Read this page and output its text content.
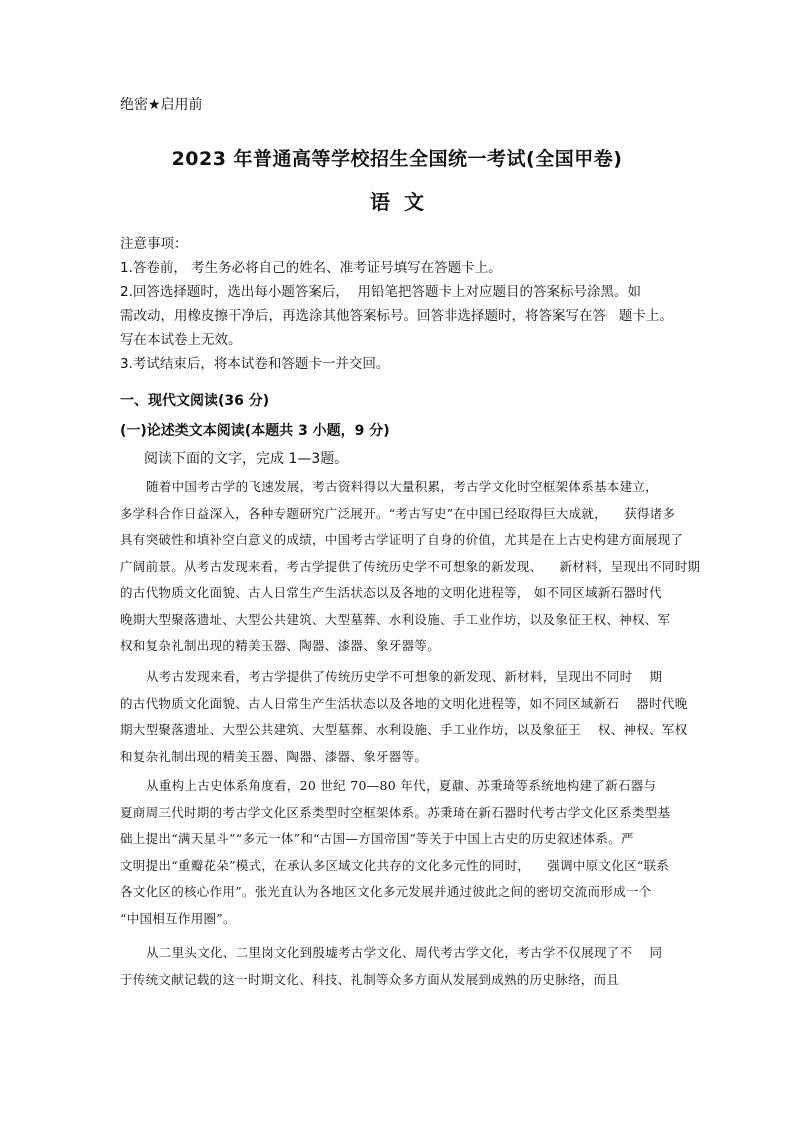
绝密★启用前
2023 年普通高等学校招生全国统一考试(全国甲卷)
语  文
注意事项：
1.答卷前， 考生务必将自己的姓名、准考证号填写在答题卡上。
2.回答选择题时，选出每小题答案后，  用铅笔把答题卡上对应题目的答案标号涂黑。如
需改动，用橡皮擦干净后，再选涂其他答案标号。回答非选择题时，将答案写在答   题卡上。
写在本试卷上无效。
3.考试结束后，将本试卷和答题卡一并交回。
一、现代文阅读(36 分)
(一)论述类文本阅读(本题共 3 小题，9 分)
阅读下面的文字，完成 1—3题。
随着中国考古学的飞速发展，考古资料得以大量积累，考古学文化时空框架体系基本建立，
多学科合作日益深入，各种专题研究广泛展开。“考古写史”在中国已经取得巨大成就，    获得诸多
具有突破性和填补空白意义的成绩，中国考古学证明了自身的价值，尤其是在上古史构建方面展现了
广阔前景。从考古发现来看，考古学提供了传统历史学不可想象的新发现、    新材料，呈现出不同时期
的古代物质文化面貌、古人日常生产生活状态以及各地的文明化进程等， 如不同区域新石器时代
晚期大型聚落遗址、大型公共建筑、大型墓葬、水利设施、手工业作坊，以及象征王权、神权、军
权和复杂礼制出现的精美玉器、陶器、漆器、象牙器等。
从考古发现来看，考古学提供了传统历史学不可想象的新发现、新材料，呈现出不同时    期
的古代物质文化面貌、古人日常生产生活状态以及各地的文明化进程等，如不同区域新石    器时代晚
期大型聚落遗址、大型公共建筑、大型墓葬、水利设施、手工业作坊，以及象征王    权、神权、军权
和复杂礼制出现的精美玉器、陶器、漆器、象牙器等。
从重构上古史体系角度看，20 世纪 70—80 年代，夏鼐、苏秉琦等系统地构建了新石器与
夏商周三代时期的考古学文化区系类型时空框架体系。苏秉琦在新石器时代考古学文化区系类型基
础上提出“满天星斗”“多元一体”和“古国—方国帝国”等关于中国上古史的历史叙述体系。严
文明提出“重瓣花朵”模式，在承认多区域文化共存的文化多元性的同时，    强调中原文化区“联系
各文化区的核心作用”。张光直认为各地区文化多元发展并通过彼此之间的密切交流而形成一个
“中国相互作用圈”。
从二里头文化、二里岗文化到殷墟考古学文化、周代考古学文化，考古学不仅展现了不    同
于传统文献记载的这一时期文化、科技、礼制等众多方面从发展到成熟的历史脉络，而且
